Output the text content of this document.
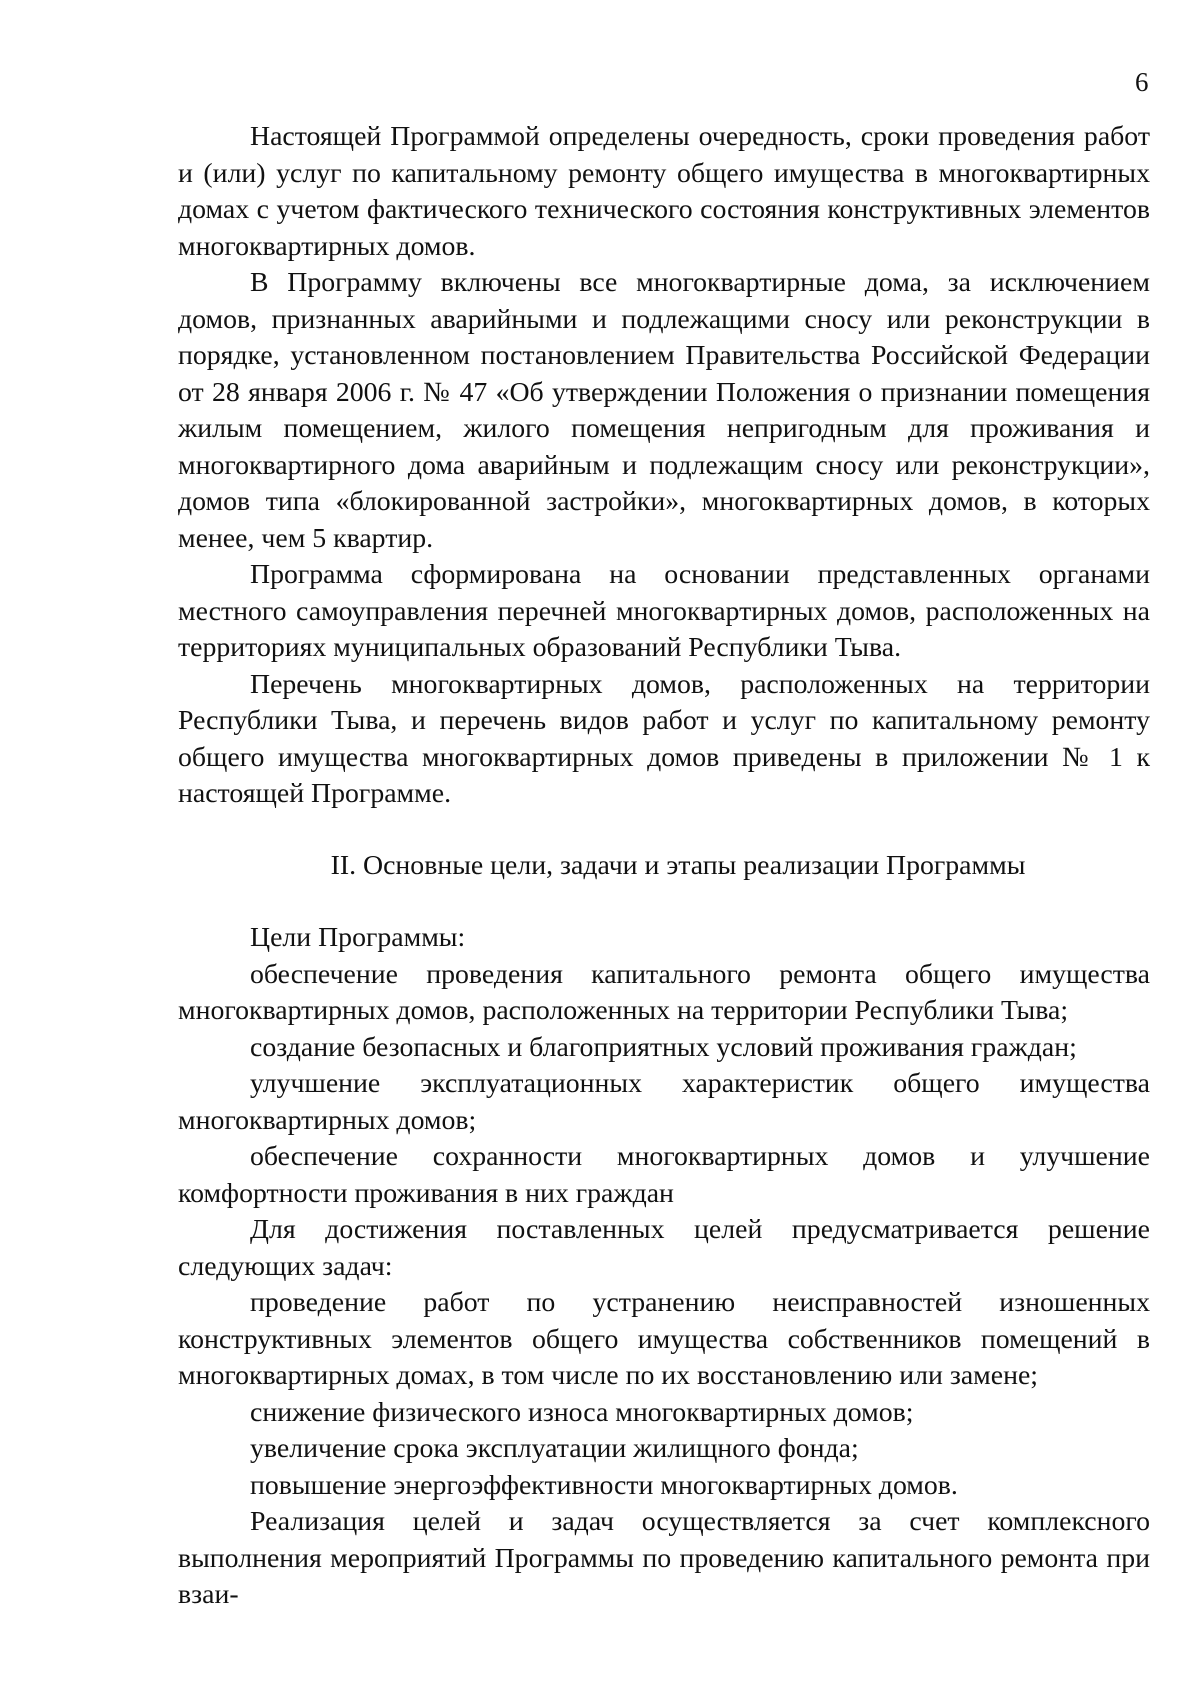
6

Настоящей Программой определены очередность, сроки проведения работ и (или) услуг по капитальному ремонту общего имущества в многоквартирных домах с учетом фактического технического состояния конструктивных элементов многоквартирных домов.

В Программу включены все многоквартирные дома, за исключением домов, признанных аварийными и подлежащими сносу или реконструкции в порядке, установленном постановлением Правительства Российской Федерации от 28 января 2006 г. № 47 «Об утверждении Положения о признании помещения жилым помещением, жилого помещения непригодным для проживания и многоквартирного дома аварийным и подлежащим сносу или реконструкции», домов типа «блокированной застройки», многоквартирных домов, в которых менее, чем 5 квартир.

Программа сформирована на основании представленных органами местного самоуправления перечней многоквартирных домов, расположенных на территориях муниципальных образований Республики Тыва.

Перечень многоквартирных домов, расположенных на территории Республики Тыва, и перечень видов работ и услуг по капитальному ремонту общего имущества многоквартирных домов приведены в приложении № 1 к настоящей Программе.

II. Основные цели, задачи и этапы реализации Программы

Цели Программы:

обеспечение проведения капитального ремонта общего имущества многоквартирных домов, расположенных на территории Республики Тыва;

создание безопасных и благоприятных условий проживания граждан;

улучшение эксплуатационных характеристик общего имущества многоквартирных домов;

обеспечение сохранности многоквартирных домов и улучшение комфортности проживания в них граждан

Для достижения поставленных целей предусматривается решение следующих задач:

проведение работ по устранению неисправностей изношенных конструктивных элементов общего имущества собственников помещений в многоквартирных домах, в том числе по их восстановлению или замене;

снижение физического износа многоквартирных домов;

увеличение срока эксплуатации жилищного фонда;

повышение энергоэффективности многоквартирных домов.

Реализация целей и задач осуществляется за счет комплексного выполнения мероприятий Программы по проведению капитального ремонта при взаи-
